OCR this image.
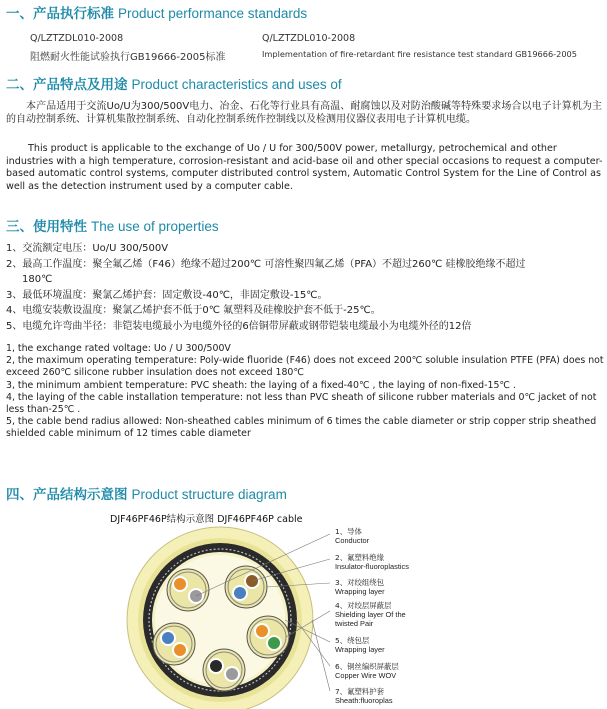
一、产品执行标准 Product performance standards
Q/LZTZDL010-2008	Q/LZTZDL010-2008
阻燃耐火性能试验执行GB19666-2005标准	Implementation of fire-retardant fire resistance test standard GB19666-2005
二、产品特点及用途 Product characteristics and uses of
本产品适用于交流Uo/U为300/500V电力、冶金、石化等行业具有高温、耐腐蚀以及对防治酸碱等特殊要求场合以电子计算机为主的自动控制系统、计算机集散控制系统、自动化控制系统作控制线以及检测用仪器仪表用电子计算机电缆。
This product is applicable to the exchange of Uo / U for 300/500V power, metallurgy, petrochemical and other industries with a high temperature, corrosion-resistant and acid-base oil and other special occasions to request a computer-based automatic control systems, computer distributed control system, Automatic Control System for the Line of Control as well as the detection instrument used by a computer cable.
三、使用特性 The use of properties
1、交流额定电压：Uo/U 300/500V
2、最高工作温度：聚全氟乙烯（F46）绝缘不超过200℃ 可溶性聚四氟乙烯（PFA）不超过260℃ 硅橡胶绝缘不超过
180℃
3、最低环境温度：聚氯乙烯护套：固定敷设-40℃，非固定敷设-15℃。
4、电缆安装敷设温度：聚氯乙烯护套不低于0℃ 氟塑料及硅橡胶护套不低于-25℃。
5、电缆允许弯曲半径：非铠装电缆最小为电缆外径的6倍铜带屏蔽或钢带铠装电缆最小为电缆外径的12倍
1, the exchange rated voltage: Uo / U 300/500V
2, the maximum operating temperature: Poly-wide fluoride (F46) does not exceed 200℃ soluble insulation PTFE (PFA) does not exceed 260℃ silicone rubber insulation does not exceed 180℃
3, the minimum ambient temperature: PVC sheath: the laying of a fixed-40℃ , the laying of non-fixed-15℃ .
4, the laying of the cable installation temperature: not less than PVC sheath of silicone rubber materials and 0℃ jacket of not less than-25℃ .
5, the cable bend radius allowed: Non-sheathed cables minimum of 6 times the cable diameter or strip copper strip sheathed shielded cable minimum of 12 times cable diameter
四、产品结构示意图 Product structure diagram
DJF46PF46P结构示意图 DJF46PF46P cable
1、导体
Conductor
2、氟塑料绝缘
Insulator-fluoroplastics
3、对绞组绕包
Wrapping layer
4、对绞层屏蔽层
Shielding layer Of the twisted Pair
5、绕包层
Wrapping layer
6、铜丝编织屏蔽层
Copper Wire WOV
7、氟塑料护套
Sheath:fluoroplas
